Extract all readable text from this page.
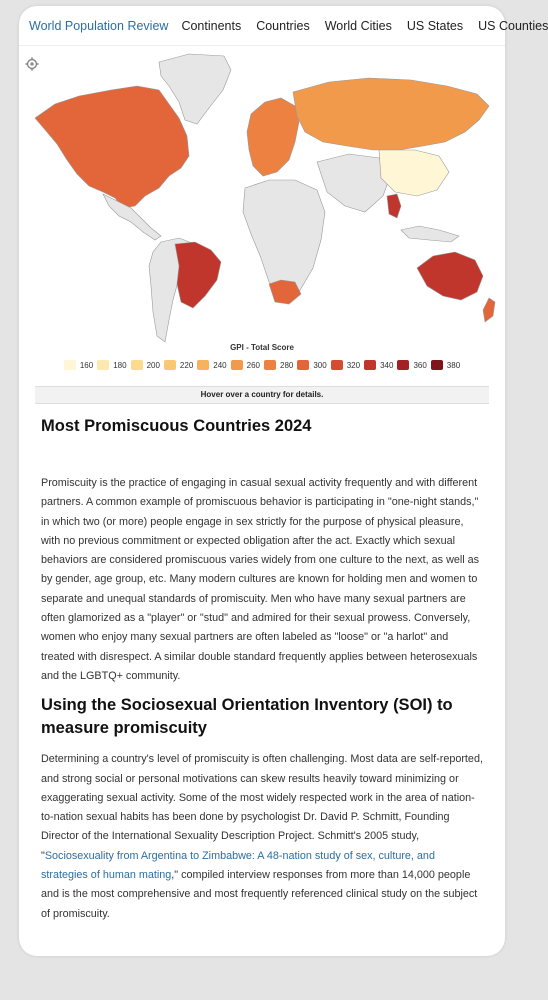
World Population Review Continents Countries World Cities US States US Counties
GPI - Total Score
160	180	200	220	240	260	280	300	320	340	360	380
Hover over a country for details.
Most Promiscuous Countries 2024

Promiscuity is the practice of engaging in casual sexual activity frequently and with different partners. A common example of promiscuous behavior is participating in "one-night stands," in which two (or more) people engage in sex strictly for the purpose of physical pleasure, with no previous commitment or expected obligation after the act. Exactly which sexual behaviors are considered promiscuous varies widely from one culture to the next, as well as by gender, age group, etc. Many modern cultures are known for holding men and women to separate and unequal standards of promiscuity. Men who have many sexual partners are often glamorized as a "player" or "stud" and admired for their sexual prowess. Conversely, women who enjoy many sexual partners are often labeled as "loose" or "a harlot" and treated with disrespect. A similar double standard frequently applies between heterosexuals and the LGBTQ+ community.

Using the Sociosexual Orientation Inventory (SOI) to measure promiscuity

Determining a country's level of promiscuity is often challenging. Most data are self-reported, and strong social or personal motivations can skew results heavily toward minimizing or exaggerating sexual activity. Some of the most widely respected work in the area of nation-to-nation sexual habits has been done by psychologist Dr. David P. Schmitt, Founding Director of the International Sexuality Description Project. Schmitt's 2005 study, "Sociosexuality from Argentina to Zimbabwe: A 48-nation study of sex, culture, and strategies of human mating," compiled interview responses from more than 14,000 people and is the most comprehensive and most frequently referenced clinical study on the subject of promiscuity.
